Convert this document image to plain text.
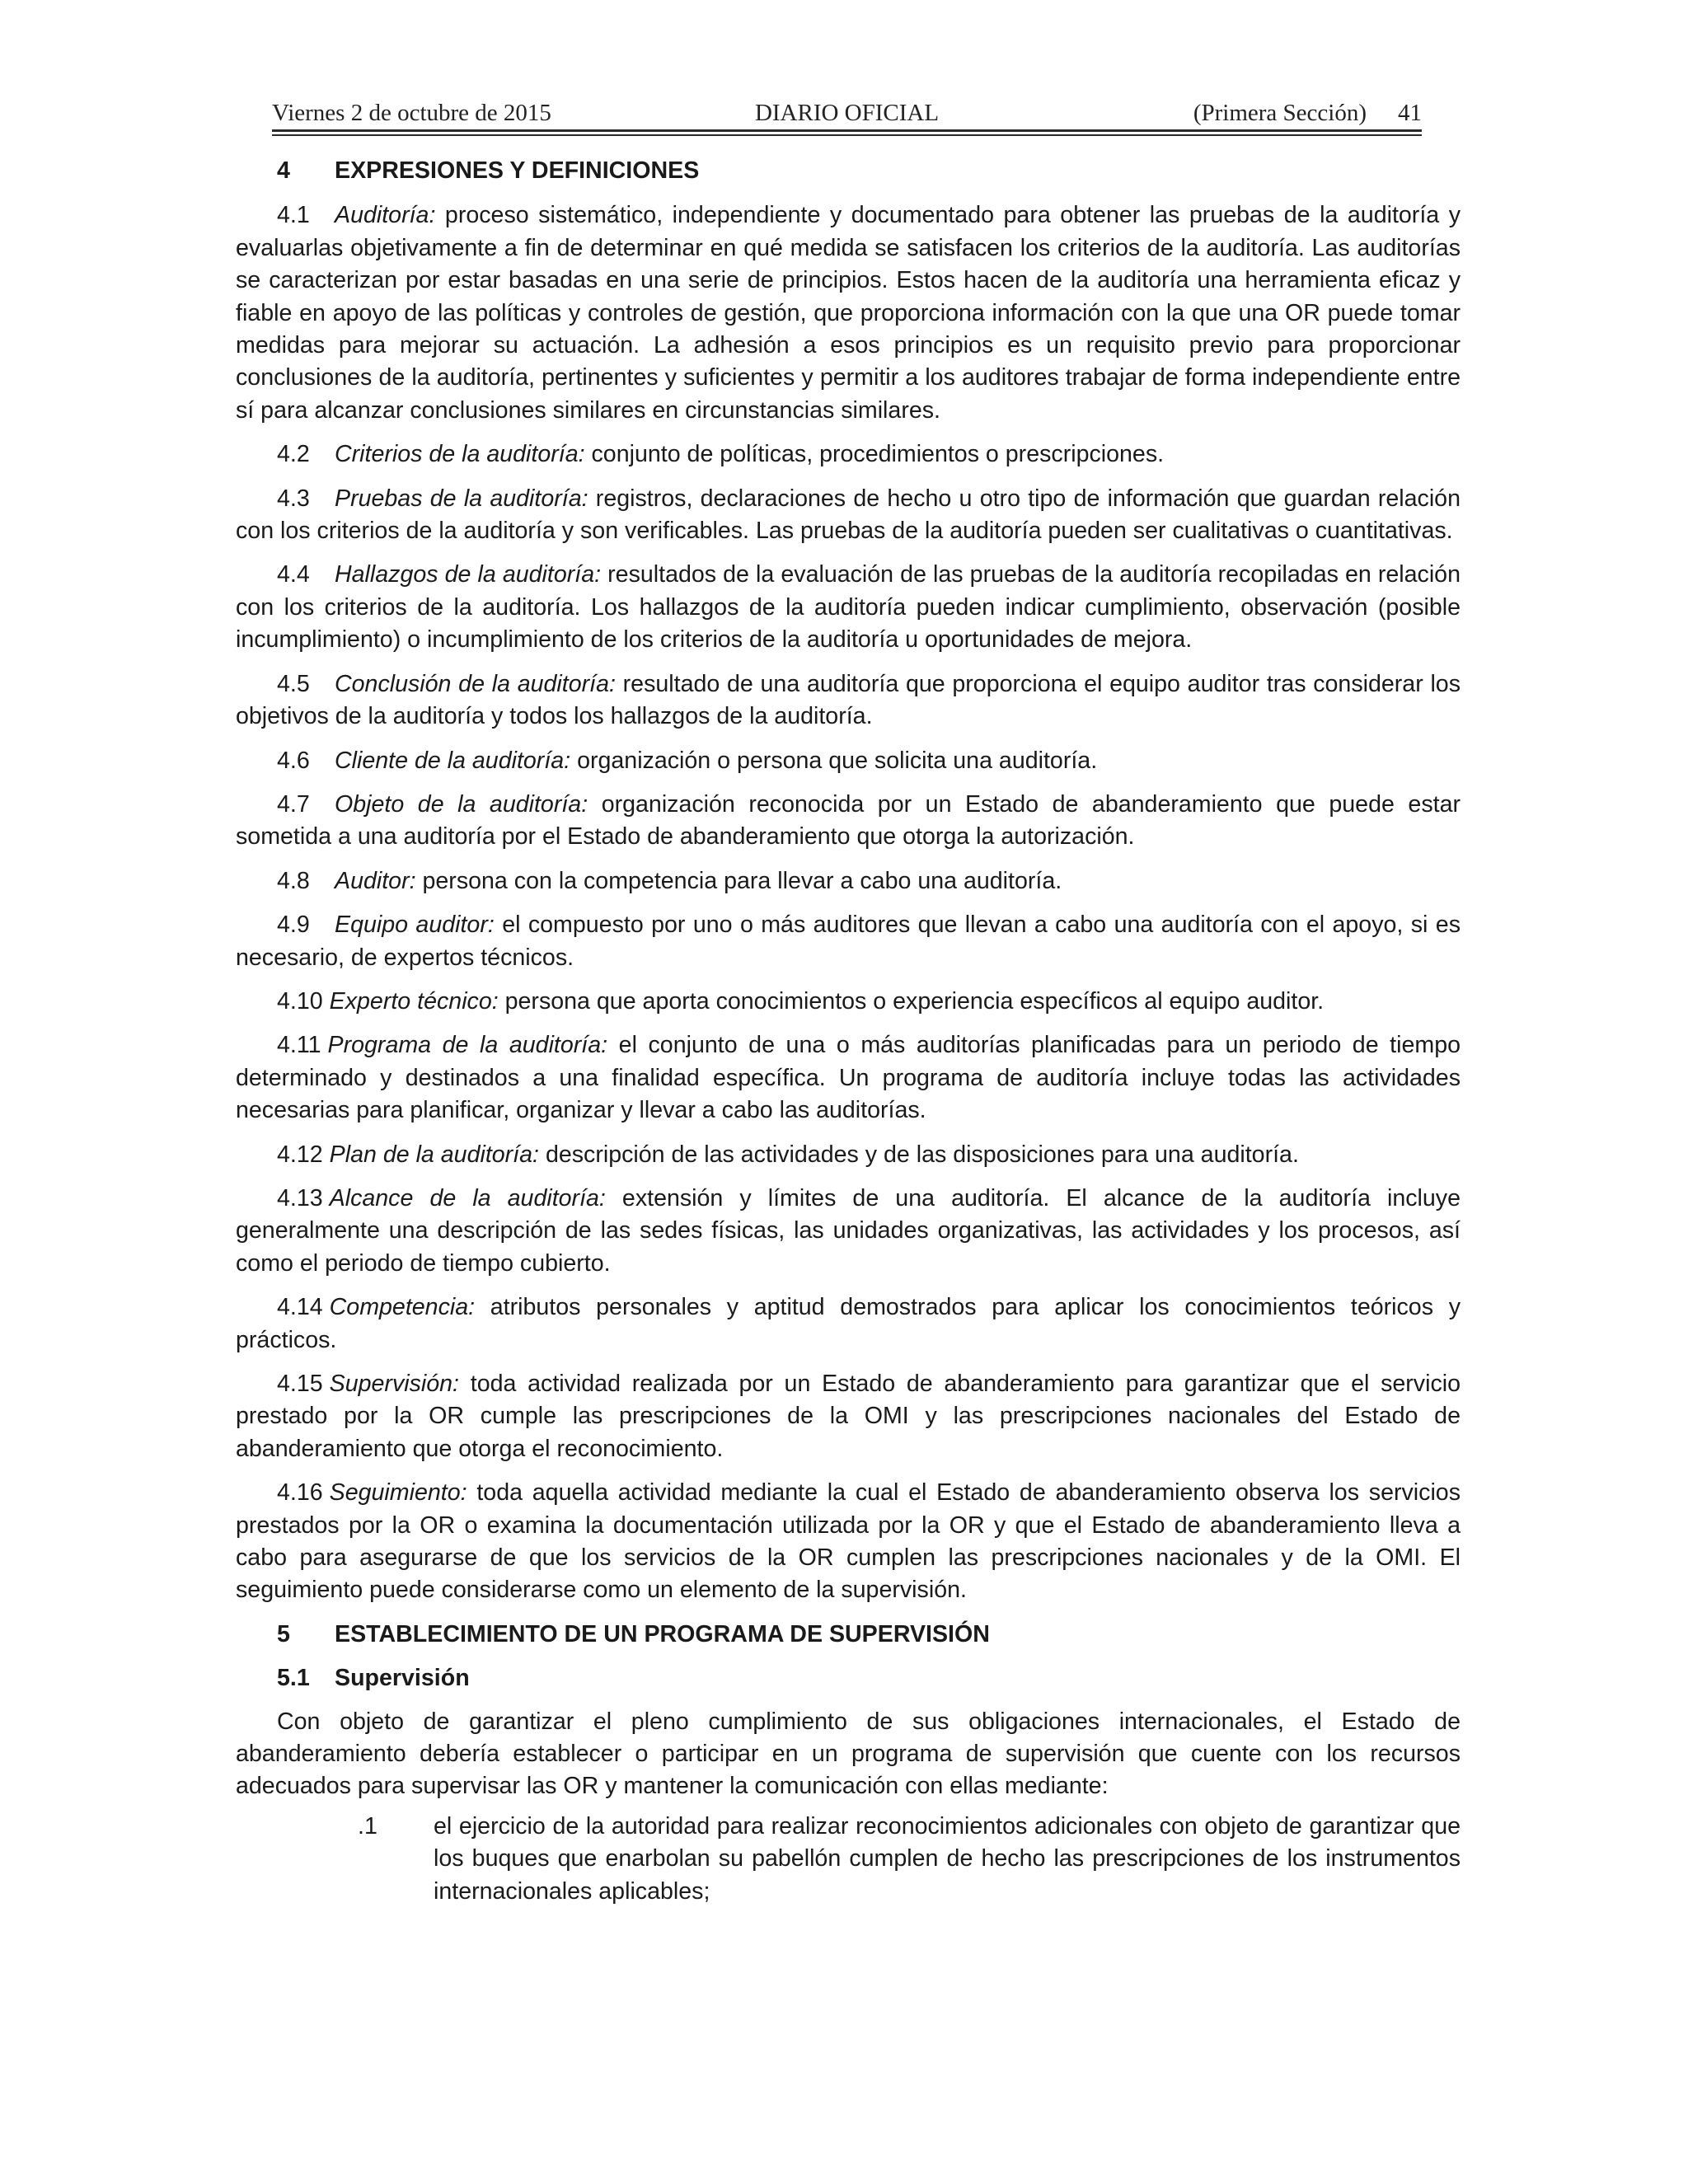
Viernes 2 de octubre de 2015	DIARIO OFICIAL	(Primera Sección) 41
4 EXPRESIONES Y DEFINICIONES

4.1 Auditoría: proceso sistemático, independiente y documentado para obtener las pruebas de la auditoría y evaluarlas objetivamente a fin de determinar en qué medida se satisfacen los criterios de la auditoría. Las auditorías se caracterizan por estar basadas en una serie de principios. Estos hacen de la auditoría una herramienta eficaz y fiable en apoyo de las políticas y controles de gestión, que proporciona información con la que una OR puede tomar medidas para mejorar su actuación. La adhesión a esos principios es un requisito previo para proporcionar conclusiones de la auditoría, pertinentes y suficientes y permitir a los auditores trabajar de forma independiente entre sí para alcanzar conclusiones similares en circunstancias similares.

4.2 Criterios de la auditoría: conjunto de políticas, procedimientos o prescripciones.

4.3 Pruebas de la auditoría: registros, declaraciones de hecho u otro tipo de información que guardan relación con los criterios de la auditoría y son verificables. Las pruebas de la auditoría pueden ser cualitativas o cuantitativas.

4.4 Hallazgos de la auditoría: resultados de la evaluación de las pruebas de la auditoría recopiladas en relación con los criterios de la auditoría. Los hallazgos de la auditoría pueden indicar cumplimiento, observación (posible incumplimiento) o incumplimiento de los criterios de la auditoría u oportunidades de mejora.

4.5 Conclusión de la auditoría: resultado de una auditoría que proporciona el equipo auditor tras considerar los objetivos de la auditoría y todos los hallazgos de la auditoría.

4.6 Cliente de la auditoría: organización o persona que solicita una auditoría.

4.7 Objeto de la auditoría: organización reconocida por un Estado de abanderamiento que puede estar sometida a una auditoría por el Estado de abanderamiento que otorga la autorización.

4.8 Auditor: persona con la competencia para llevar a cabo una auditoría.

4.9 Equipo auditor: el compuesto por uno o más auditores que llevan a cabo una auditoría con el apoyo, si es necesario, de expertos técnicos.

4.10 Experto técnico: persona que aporta conocimientos o experiencia específicos al equipo auditor.

4.11 Programa de la auditoría: el conjunto de una o más auditorías planificadas para un periodo de tiempo determinado y destinados a una finalidad específica. Un programa de auditoría incluye todas las actividades necesarias para planificar, organizar y llevar a cabo las auditorías.

4.12 Plan de la auditoría: descripción de las actividades y de las disposiciones para una auditoría.

4.13 Alcance de la auditoría: extensión y límites de una auditoría. El alcance de la auditoría incluye generalmente una descripción de las sedes físicas, las unidades organizativas, las actividades y los procesos, así como el periodo de tiempo cubierto.

4.14 Competencia: atributos personales y aptitud demostrados para aplicar los conocimientos teóricos y prácticos.

4.15 Supervisión: toda actividad realizada por un Estado de abanderamiento para garantizar que el servicio prestado por la OR cumple las prescripciones de la OMI y las prescripciones nacionales del Estado de abanderamiento que otorga el reconocimiento.

4.16 Seguimiento: toda aquella actividad mediante la cual el Estado de abanderamiento observa los servicios prestados por la OR o examina la documentación utilizada por la OR y que el Estado de abanderamiento lleva a cabo para asegurarse de que los servicios de la OR cumplen las prescripciones nacionales y de la OMI. El seguimiento puede considerarse como un elemento de la supervisión.

5 ESTABLECIMIENTO DE UN PROGRAMA DE SUPERVISIÓN
5.1 Supervisión

Con objeto de garantizar el pleno cumplimiento de sus obligaciones internacionales, el Estado de abanderamiento debería establecer o participar en un programa de supervisión que cuente con los recursos adecuados para supervisar las OR y mantener la comunicación con ellas mediante:

.1 el ejercicio de la autoridad para realizar reconocimientos adicionales con objeto de garantizar que los buques que enarbolan su pabellón cumplen de hecho las prescripciones de los instrumentos internacionales aplicables;
